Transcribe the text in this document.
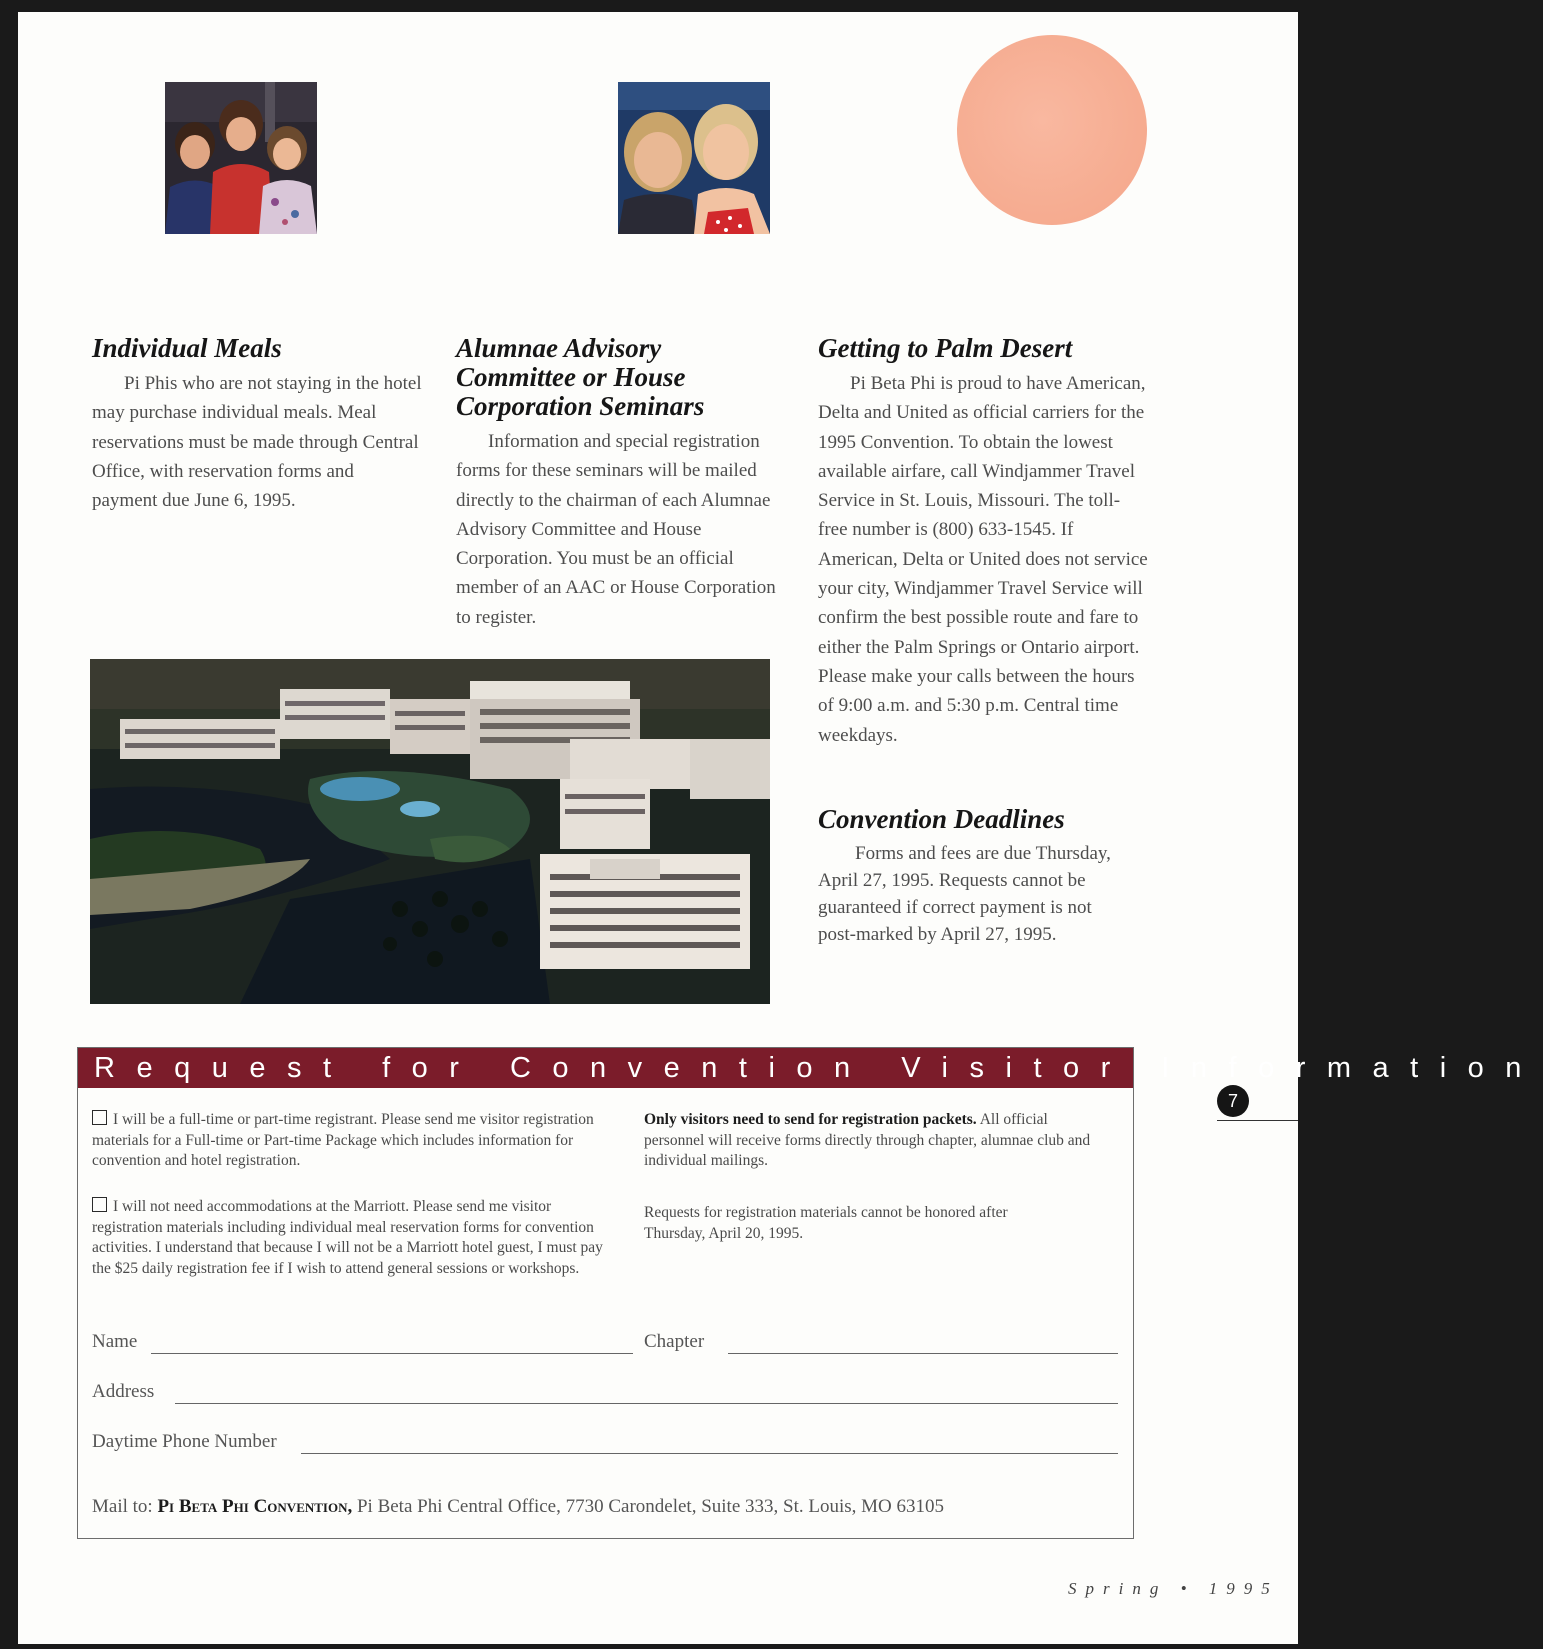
Individual Meals

Pi Phis who are not staying in the hotel may purchase individual meals. Meal reservations must be made through Central Office, with reservation forms and payment due June 6, 1995.

Alumnae Advisory Committee or House Corporation Seminars

Information and special registration forms for these seminars will be mailed directly to the chairman of each Alumnae Advisory Committee and House Corporation. You must be an official member of an AAC or House Corporation to register.

Getting to Palm Desert

Pi Beta Phi is proud to have American, Delta and United as official carriers for the 1995 Convention. To obtain the lowest available airfare, call Windjammer Travel Service in St. Louis, Missouri. The toll-free number is (800) 633-1545. If American, Delta or United does not service your city, Windjammer Travel Service will confirm the best possible route and fare to either the Palm Springs or Ontario airport. Please make your calls between the hours of 9:00 a.m. and 5:30 p.m. Central time weekdays.

Convention Deadlines

Forms and fees are due Thursday, April 27, 1995. Requests cannot be guaranteed if correct payment is not post-marked by April 27, 1995.

Request for Convention Visitor Information
I will be a full-time or part-time registrant. Please send me visitor registration materials for a Full-time or Part-time Package which includes information for convention and hotel registration.
I will not need accommodations at the Marriott. Please send me visitor registration materials including individual meal reservation forms for convention activities. I understand that because I will not be a Marriott hotel guest, I must pay the $25 daily registration fee if I wish to attend general sessions or workshops.
Only visitors need to send for registration packets. All official personnel will receive forms directly through chapter, alumnae club and individual mailings.
Requests for registration materials cannot be honored after Thursday, April 20, 1995.
Name	Chapter
Address
Daytime Phone Number
Mail to: Pi Beta Phi Convention, Pi Beta Phi Central Office, 7730 Carondelet, Suite 333, St. Louis, MO 63105
7
Spring • 1995
